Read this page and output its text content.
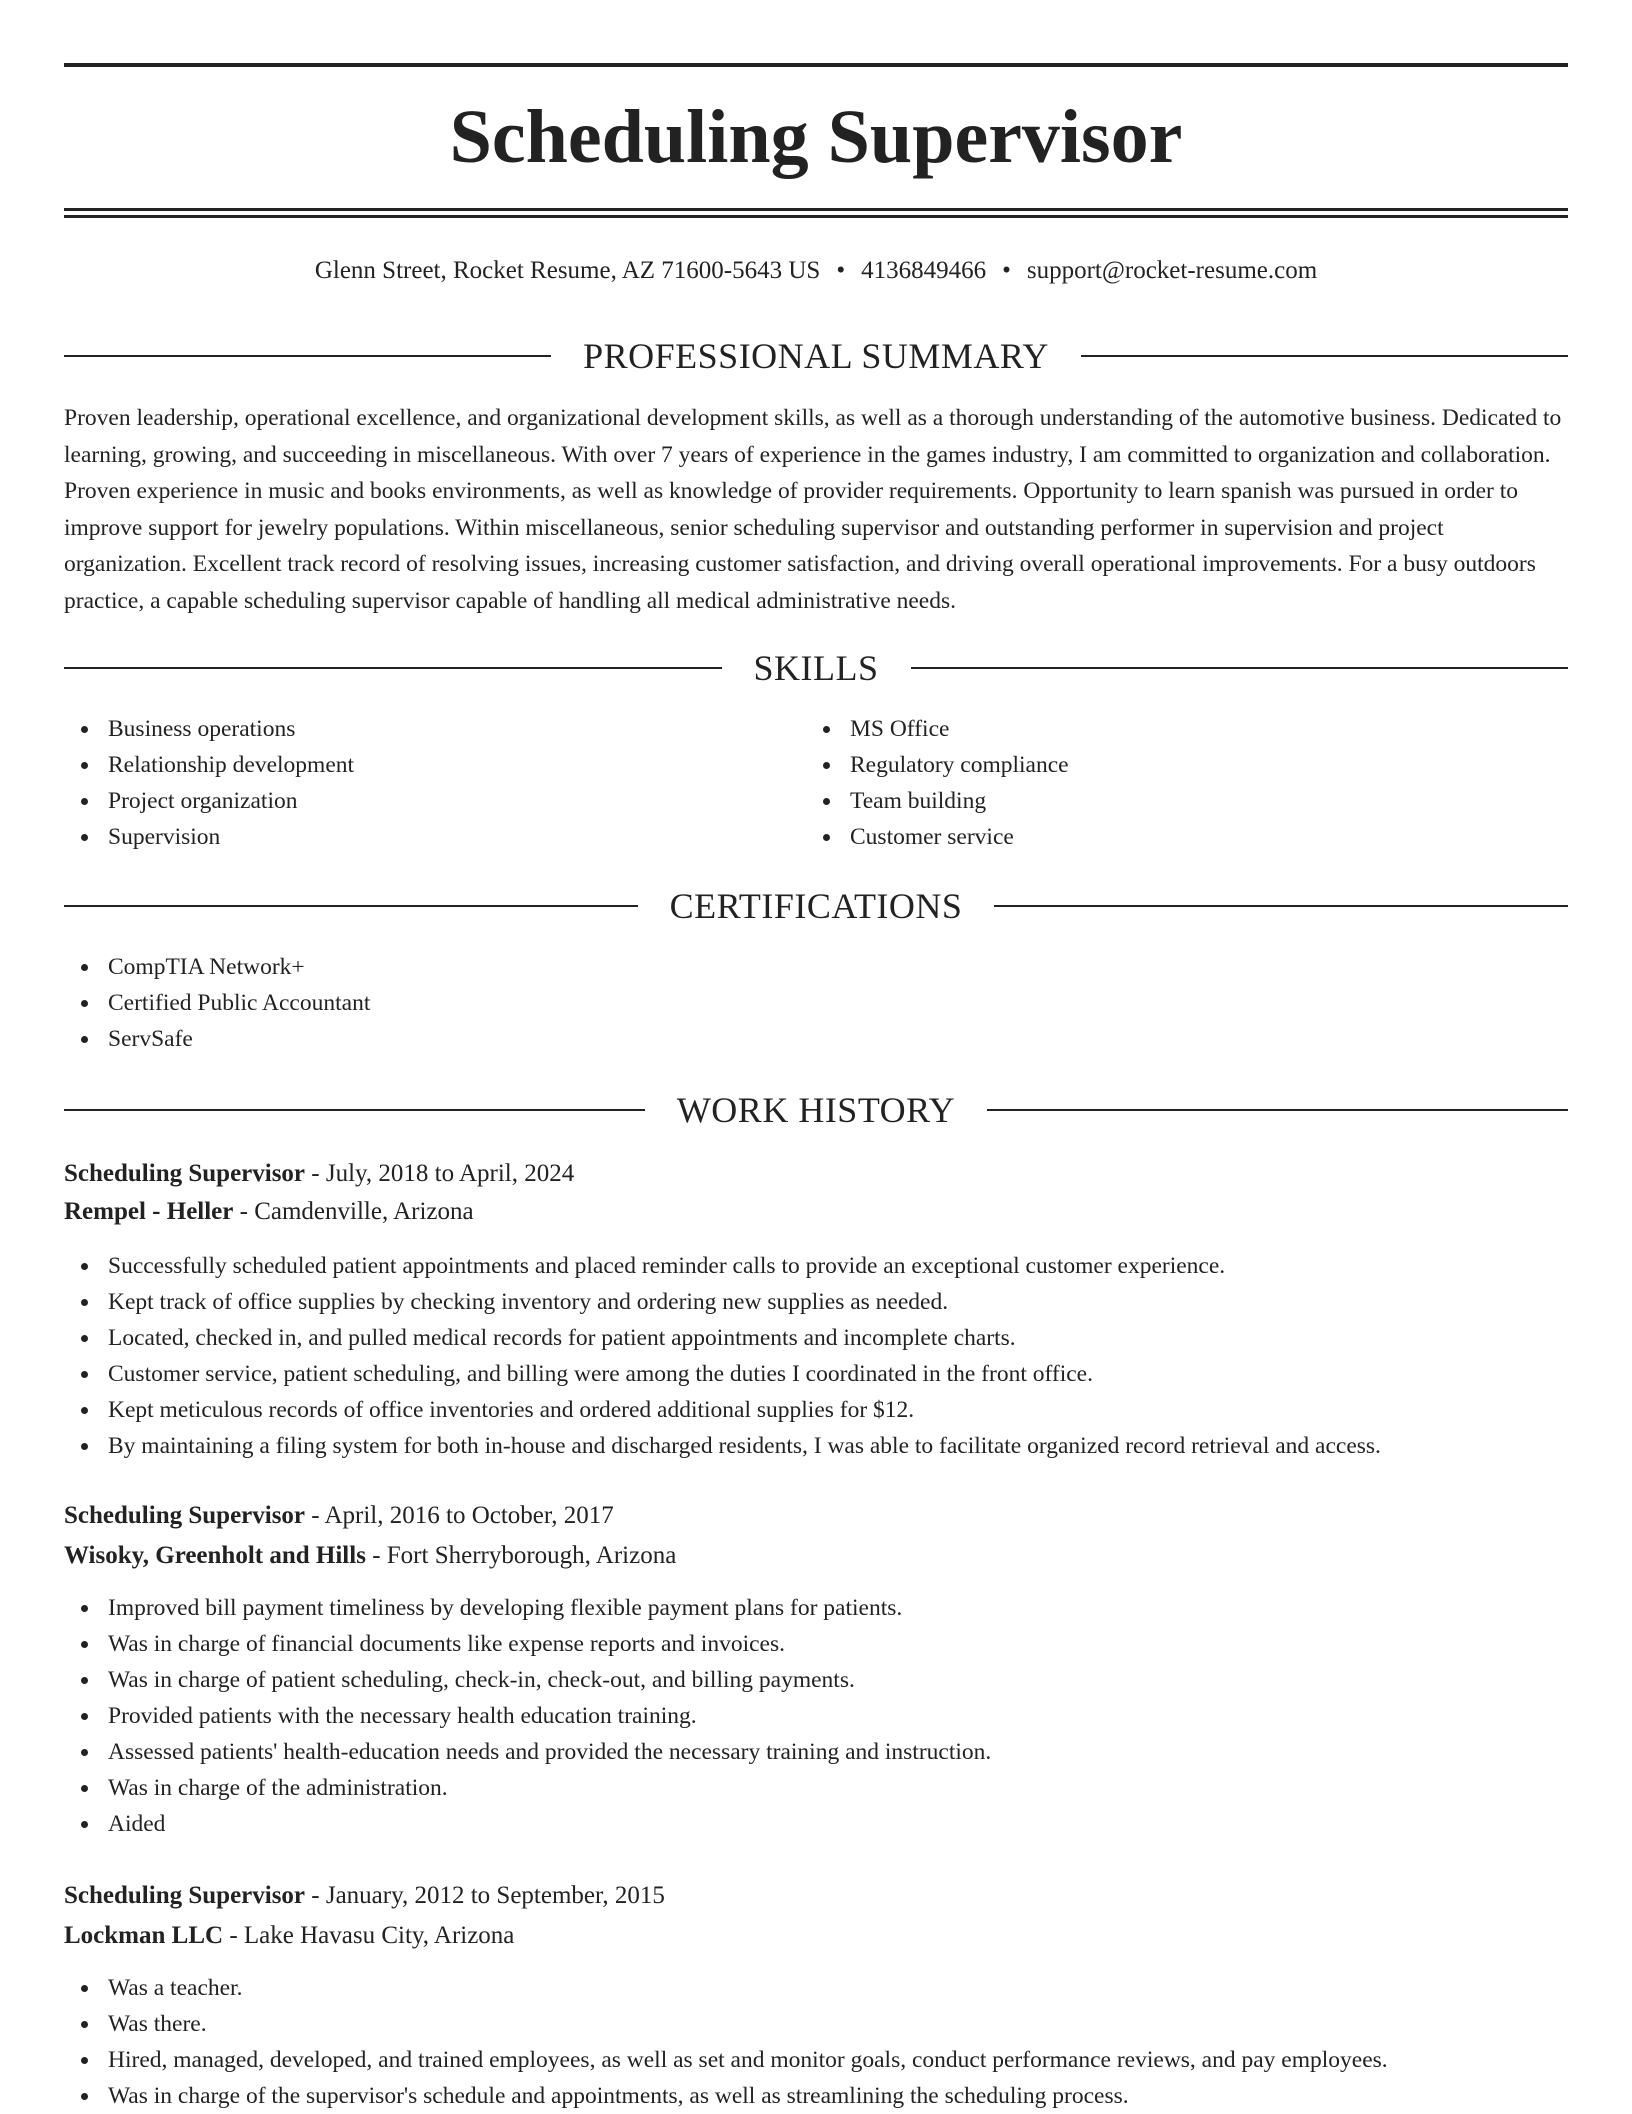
Scheduling Supervisor
Glenn Street, Rocket Resume, AZ 71600-5643 US • 4136849466 • support@rocket-resume.com
PROFESSIONAL SUMMARY

Proven leadership, operational excellence, and organizational development skills, as well as a thorough understanding of the automotive business. Dedicated to learning, growing, and succeeding in miscellaneous. With over 7 years of experience in the games industry, I am committed to organization and collaboration. Proven experience in music and books environments, as well as knowledge of provider requirements. Opportunity to learn spanish was pursued in order to improve support for jewelry populations. Within miscellaneous, senior scheduling supervisor and outstanding performer in supervision and project organization. Excellent track record of resolving issues, increasing customer satisfaction, and driving overall operational improvements. For a busy outdoors practice, a capable scheduling supervisor capable of handling all medical administrative needs.

SKILLS
Business operations
Relationship development
Project organization
Supervision
MS Office
Regulatory compliance
Team building
Customer service
CERTIFICATIONS
CompTIA Network+
Certified Public Accountant
ServSafe
WORK HISTORY
Scheduling Supervisor - July, 2018 to April, 2024
Rempel - Heller - Camdenville, Arizona
Successfully scheduled patient appointments and placed reminder calls to provide an exceptional customer experience.
Kept track of office supplies by checking inventory and ordering new supplies as needed.
Located, checked in, and pulled medical records for patient appointments and incomplete charts.
Customer service, patient scheduling, and billing were among the duties I coordinated in the front office.
Kept meticulous records of office inventories and ordered additional supplies for $12.
By maintaining a filing system for both in-house and discharged residents, I was able to facilitate organized record retrieval and access.
Scheduling Supervisor - April, 2016 to October, 2017
Wisoky, Greenholt and Hills - Fort Sherryborough, Arizona
Improved bill payment timeliness by developing flexible payment plans for patients.
Was in charge of financial documents like expense reports and invoices.
Was in charge of patient scheduling, check-in, check-out, and billing payments.
Provided patients with the necessary health education training.
Assessed patients' health-education needs and provided the necessary training and instruction.
Was in charge of the administration.
Aided
Scheduling Supervisor - January, 2012 to September, 2015
Lockman LLC - Lake Havasu City, Arizona
Was a teacher.
Was there.
Hired, managed, developed, and trained employees, as well as set and monitor goals, conduct performance reviews, and pay employees.
Was in charge of the supervisor's schedule and appointments, as well as streamlining the scheduling process.
